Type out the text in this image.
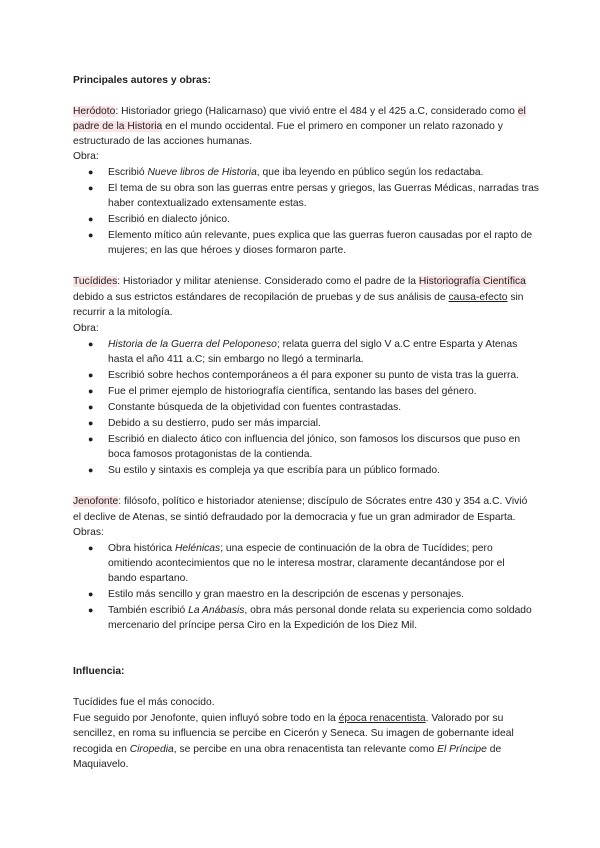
Principales autores y obras:
Heródoto: Historiador griego (Halicarnaso) que vivió entre el 484 y el 425 a.C, considerado como el
padre de la Historia en el mundo occidental. Fue el primero en componer un relato razonado y
estructurado de las acciones humanas.
Obra:
● Escribió Nueve libros de Historia, que iba leyendo en público según los redactaba.
● El tema de su obra son las guerras entre persas y griegos, las Guerras Médicas, narradas tras
haber contextualizado extensamente estas.
● Escribió en dialecto jónico.
● Elemento mítico aún relevante, pues explica que las guerras fueron causadas por el rapto de
mujeres; en las que héroes y dioses formaron parte.
Tucídides: Historiador y militar ateniense. Considerado como el padre de la Historiografía Científica
debido a sus estrictos estándares de recopilación de pruebas y de sus análisis de causa-efecto sin
recurrir a la mitología.
Obra:
● Historia de la Guerra del Peloponeso; relata guerra del siglo V a.C entre Esparta y Atenas
hasta el año 411 a.C; sin embargo no llegó a terminarla.
● Escribió sobre hechos contemporáneos a él para exponer su punto de vista tras la guerra.
● Fue el primer ejemplo de historiografía científica, sentando las bases del género.
● Constante búsqueda de la objetividad con fuentes contrastadas.
● Debido a su destierro, pudo ser más imparcial.
● Escribió en dialecto ático con influencia del jónico, son famosos los discursos que puso en
boca famosos protagonistas de la contienda.
● Su estilo y sintaxis es compleja ya que escribía para un público formado.
Jenofonte: filósofo, político e historiador ateniense; discípulo de Sócrates entre 430 y 354 a.C. Vivió
el declive de Atenas, se sintió defraudado por la democracia y fue un gran admirador de Esparta.
Obras:
● Obra histórica Helénicas; una especie de continuación de la obra de Tucídides; pero
omitiendo acontecimientos que no le interesa mostrar, claramente decantándose por el
bando espartano.
● Estilo más sencillo y gran maestro en la descripción de escenas y personajes.
● También escribió La Anábasis, obra más personal donde relata su experiencia como soldado
mercenario del príncipe persa Ciro en la Expedición de los Diez Mil.
Influencia:
Tucídides fue el más conocido.
Fue seguido por Jenofonte, quien influyó sobre todo en la época renacentista. Valorado por su
sencillez, en roma su influencia se percibe en Cicerón y Seneca. Su imagen de gobernante ideal
recogida en Ciropedia, se percibe en una obra renacentista tan relevante como El Príncipe de
Maquiavelo.
